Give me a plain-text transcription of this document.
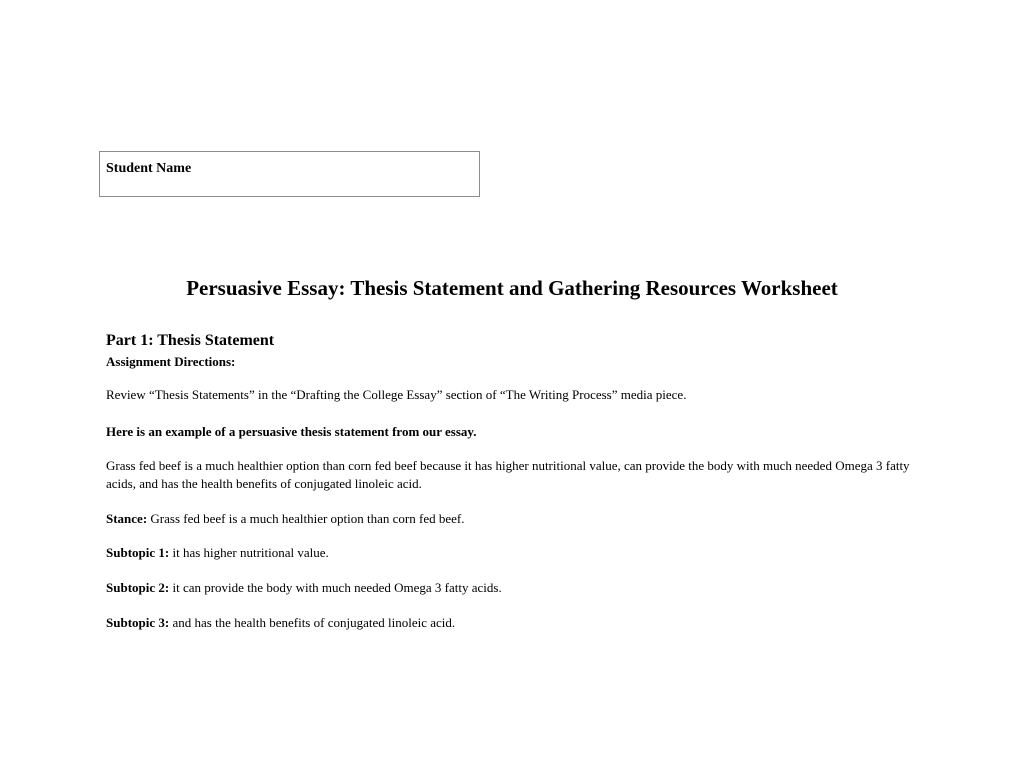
Student Name
Persuasive Essay: Thesis Statement and Gathering Resources Worksheet
Part 1: Thesis Statement
Assignment Directions:
Review “Thesis Statements” in the “Drafting the College Essay” section of “The Writing Process” media piece.
Here is an example of a persuasive thesis statement from our essay.
Grass fed beef is a much healthier option than corn fed beef because it has higher nutritional value, can provide the body with much needed Omega 3 fatty acids, and has the health benefits of conjugated linoleic acid.
Stance: Grass fed beef is a much healthier option than corn fed beef.
Subtopic 1: it has higher nutritional value.
Subtopic 2: it can provide the body with much needed Omega 3 fatty acids.
Subtopic 3: and has the health benefits of conjugated linoleic acid.
